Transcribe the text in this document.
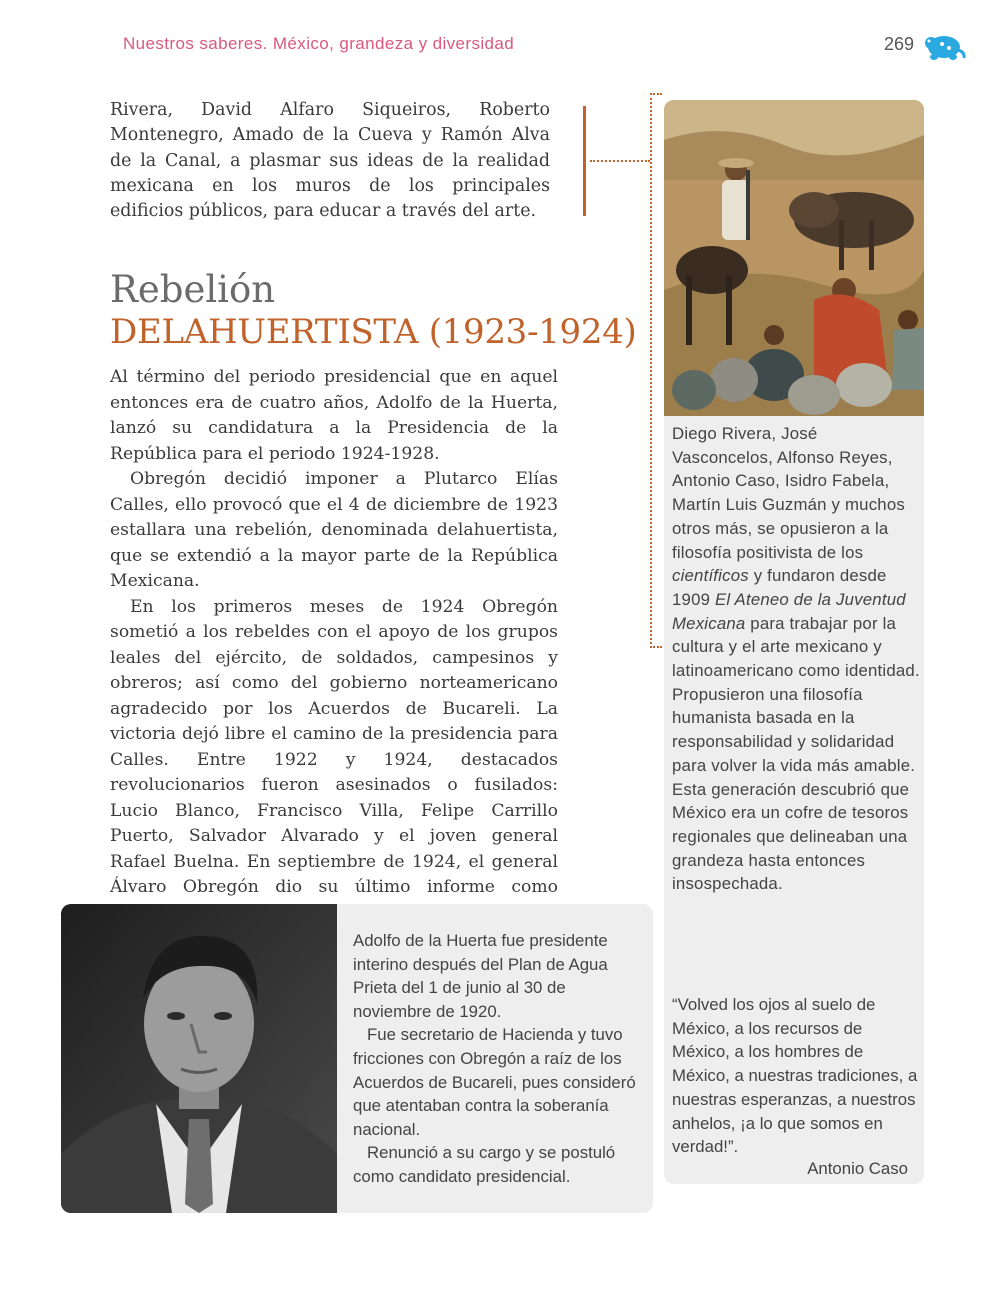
Nuestros saberes. México, grandeza y diversidad	269

Rivera, David Alfaro Siqueiros, Roberto Montenegro, Amado de la Cueva y Ramón Alva de la Canal, a plasmar sus ideas de la realidad mexicana en los muros de los principales edificios públicos, para educar a través del arte.

Rebelión
DELAHUERTISTA (1923-1924)

Al término del periodo presidencial que en aquel entonces era de cuatro años, Adolfo de la Huerta, lanzó su candidatura a la Presidencia de la República para el periodo 1924-1928.

Obregón decidió imponer a Plutarco Elías Calles, ello provocó que el 4 de diciembre de 1923 estallara una rebelión, denominada delahuertista, que se extendió a la mayor parte de la República Mexicana.

En los primeros meses de 1924 Obregón sometió a los rebeldes con el apoyo de los grupos leales del ejército, de soldados, campesinos y obreros; así como del gobierno norteamericano agradecido por los Acuerdos de Bucareli. La victoria dejó libre el camino de la presidencia para Calles. Entre 1922 y 1924, destacados revolucionarios fueron asesinados o fusilados: Lucio Blanco, Francisco Villa, Felipe Carrillo Puerto, Salvador Alvarado y el joven general Rafael Buelna. En septiembre de 1924, el general Álvaro Obregón dio su último informe como

Diego Rivera, José Vasconcelos, Alfonso Reyes, Antonio Caso, Isidro Fabela, Martín Luis Guzmán y muchos otros más, se opusieron a la filosofía positivista de los científicos y fundaron desde 1909 El Ateneo de la Juventud Mexicana para trabajar por la cultura y el arte mexicano y latinoamericano como identidad. Propusieron una filosofía humanista basada en la responsabilidad y solidaridad para volver la vida más amable. Esta generación descubrió que México era un cofre de tesoros regionales que delineaban una grandeza hasta entonces insospechada.

“Volved los ojos al suelo de México, a los recursos de México, a los hombres de México, a nuestras tradiciones, a nuestras esperanzas, a nuestros anhelos, ¡a lo que somos en verdad!”.

Antonio Caso

Adolfo de la Huerta fue presidente interino después del Plan de Agua Prieta del 1 de junio al 30 de noviembre de 1920.

Fue secretario de Hacienda y tuvo fricciones con Obregón a raíz de los Acuerdos de Bucareli, pues consideró que atentaban contra la soberanía nacional.

Renunció a su cargo y se postuló como candidato presidencial.
